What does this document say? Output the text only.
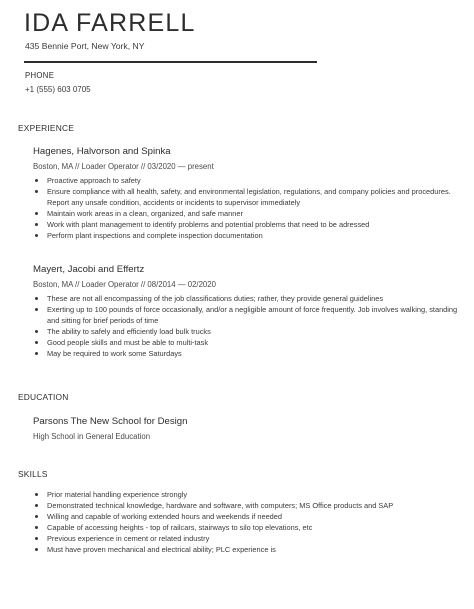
IDA FARRELL
435 Bennie Port, New York, NY
PHONE
+1 (555) 603 0705
EXPERIENCE
Hagenes, Halvorson and Spinka
Boston, MA // Loader Operator // 03/2020 — present
Proactive approach to safety
Ensure compliance with all health, safety, and environmental legislation, regulations, and company policies and procedures. Report any unsafe condition, accidents or incidents to supervisor immediately
Maintain work areas in a clean, organized, and safe manner
Work with plant management to identify problems and potential problems that need to be adressed
Perform plant inspections and complete inspection documentation
Mayert, Jacobi and Effertz
Boston, MA // Loader Operator // 08/2014 — 02/2020
These are not all encompassing of the job classifications duties; rather, they provide general guidelines
Exerting up to 100 pounds of force occasionally, and/or a negligible amount of force frequently. Job involves walking, standing and sitting for brief periods of time
The ability to safely and efficiently load bulk trucks
Good people skills and must be able to multi-task
May be required to work some Saturdays
EDUCATION
Parsons The New School for Design
High School in General Education
SKILLS
Prior material handling experience strongly
Demonstrated technical knowledge, hardware and software, with computers; MS Office products and SAP
Willing and capable of working extended hours and weekends if needed
Capable of accessing heights - top of railcars, stairways to silo top elevations, etc
Previous experience in cement or related industry
Must have proven mechanical and electrical ability; PLC experience is
